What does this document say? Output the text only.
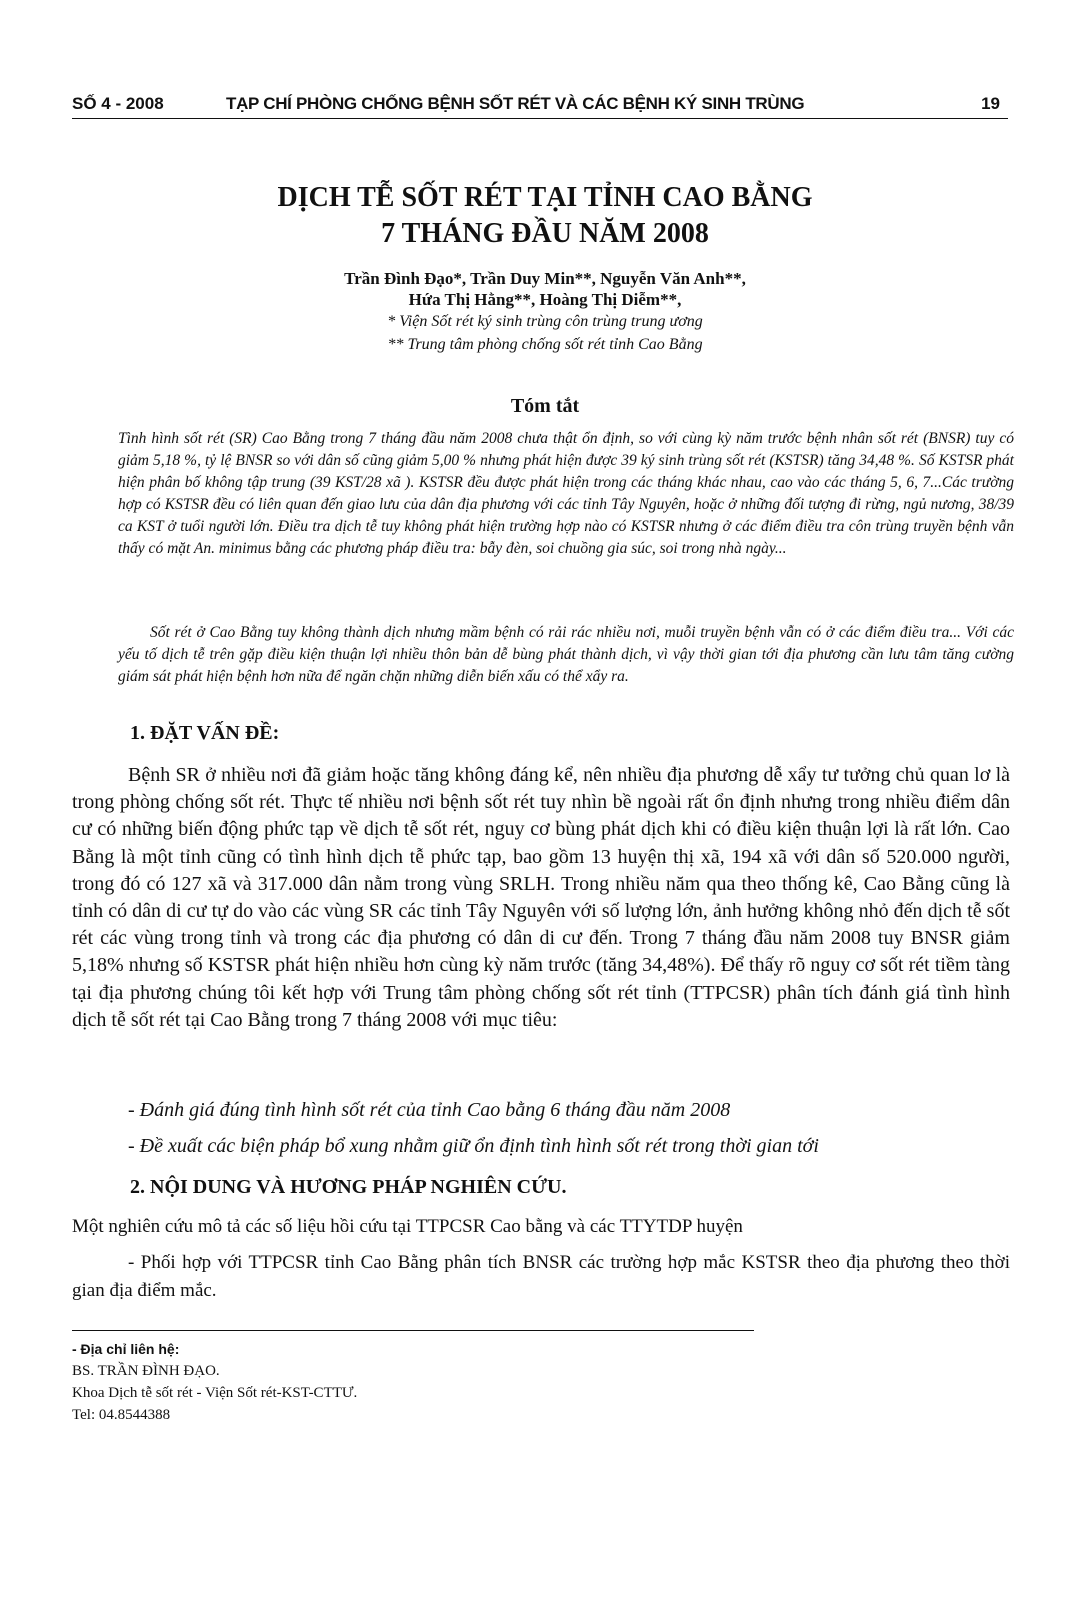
SỐ 4 - 2008	TẠP CHÍ PHÒNG CHỐNG BỆNH SỐT RÉT VÀ CÁC BỆNH KÝ SINH TRÙNG	19
DỊCH TỄ SỐT RÉT TẠI TỈNH CAO BẰNG
7 THÁNG ĐẦU NĂM 2008
Trần Đình Đạo*, Trần Duy Min**, Nguyễn Văn Anh**,
Hứa Thị Hằng**, Hoàng Thị Diễm**,
* Viện Sốt rét ký sinh trùng côn trùng trung ương
** Trung tâm phòng chống sốt rét tỉnh Cao Bằng
Tóm tắt

Tình hình sốt rét (SR) Cao Bằng trong 7 tháng đầu năm 2008 chưa thật ổn định, so với cùng kỳ năm trước bệnh nhân sốt rét (BNSR) tuy có giảm 5,18 %, tỷ lệ BNSR so với dân số cũng giảm 5,00 % nhưng phát hiện được 39 ký sinh trùng sốt rét (KSTSR) tăng 34,48 %. Số KSTSR phát hiện phân bố không tập trung (39 KST/28 xã ). KSTSR đều được phát hiện trong các tháng khác nhau, cao vào các tháng 5, 6, 7...Các trường hợp có KSTSR đều có liên quan đến giao lưu của dân địa phương với các tỉnh Tây Nguyên, hoặc ở những đối tượng đi rừng, ngủ nương, 38/39 ca KST ở tuổi người lớn. Điều tra dịch tễ tuy không phát hiện trường hợp nào có KSTSR nhưng ở các điểm điều tra côn trùng truyền bệnh vẫn thấy có mặt An. minimus bằng các phương pháp điều tra: bẫy đèn, soi chuồng gia súc, soi trong nhà ngày...

Sốt rét ở Cao Bằng tuy không thành dịch nhưng mầm bệnh có rải rác nhiều nơi, muỗi truyền bệnh vẫn có ở các điểm điều tra... Với các yếu tố dịch tễ trên gặp điều kiện thuận lợi nhiều thôn bản dễ bùng phát thành dịch, vì vậy thời gian tới địa phương cần lưu tâm tăng cường giám sát phát hiện bệnh hơn nữa để ngăn chặn những diễn biến xấu có thể xẩy ra.

1. ĐẶT VẤN ĐỀ:

Bệnh SR ở nhiều nơi đã giảm hoặc tăng không đáng kể, nên nhiều địa phương dễ xẩy tư tưởng chủ quan lơ là trong phòng chống sốt rét. Thực tế nhiều nơi bệnh sốt rét tuy nhìn bề ngoài rất ổn định nhưng trong nhiều điểm dân cư có những biến động phức tạp về dịch tễ sốt rét, nguy cơ bùng phát dịch khi có điều kiện thuận lợi là rất lớn. Cao Bằng là một tỉnh cũng có tình hình dịch tễ phức tạp, bao gồm 13 huyện thị xã, 194 xã với dân số 520.000 người, trong đó có 127 xã và 317.000 dân nằm trong vùng SRLH. Trong nhiều năm qua theo thống kê, Cao Bằng cũng là tỉnh có dân di cư tự do vào các vùng SR các tỉnh Tây Nguyên với số lượng lớn, ảnh hưởng không nhỏ đến dịch tễ sốt rét các vùng trong tỉnh và trong các địa phương có dân di cư đến. Trong 7 tháng đầu năm 2008 tuy BNSR giảm 5,18% nhưng số KSTSR phát hiện nhiều hơn cùng kỳ năm trước (tăng 34,48%). Để thấy rõ nguy cơ sốt rét tiềm tàng tại địa phương chúng tôi kết hợp với Trung tâm phòng chống sốt rét tỉnh (TTPCSR) phân tích đánh giá tình hình dịch tễ sốt rét tại Cao Bằng trong 7 tháng 2008 với mục tiêu:

- Đánh giá đúng tình hình sốt rét của tỉnh Cao bằng 6 tháng đầu năm 2008
- Đề xuất các biện pháp bổ xung nhằm giữ ổn định tình hình sốt rét trong thời gian tới
2. NỘI DUNG VÀ HƯƠNG PHÁP NGHIÊN CỨU.

Một nghiên cứu mô tả các số liệu hồi cứu tại TTPCSR Cao bằng và các TTYTDP huyện

- Phối hợp với TTPCSR tỉnh Cao Bằng phân tích BNSR các trường hợp mắc KSTSR theo địa phương theo thời gian địa điểm mắc.

- Địa chỉ liên hệ:
BS. TRẦN ĐÌNH ĐẠO.
Khoa Dịch tễ sốt rét - Viện Sốt rét-KST-CTTƯ.
Tel: 04.8544388
